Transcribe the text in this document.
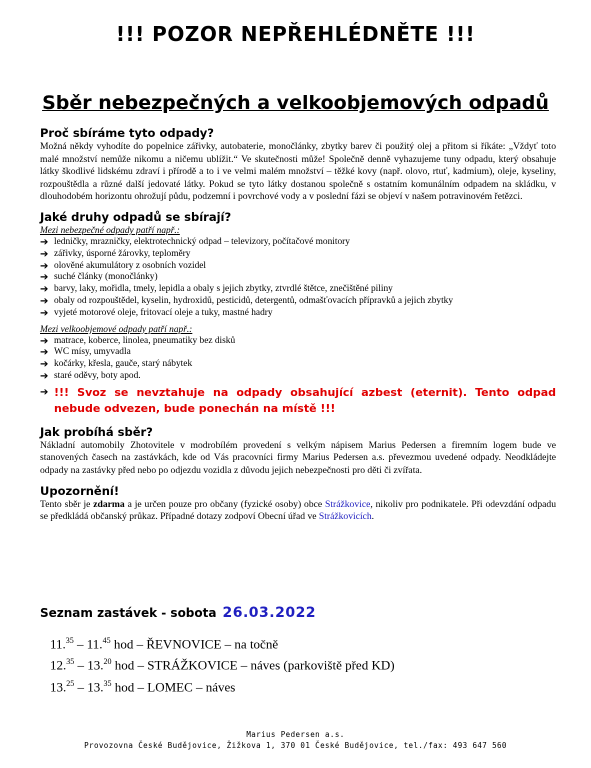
!!! POZOR NEPŘEHLÉDNĚTE !!!
Sběr nebezpečných a velkoobjemových odpadů
Proč sbíráme tyto odpady?

Možná někdy vyhodíte do popelnice zářivky, autobaterie, monočlánky, zbytky barev či použitý olej a přitom si říkáte: „Vždyť toto malé množství nemůže nikomu a ničemu ublížit.“ Ve skutečnosti může! Společně denně vyhazujeme tuny odpadu, který obsahuje látky škodlivé lidskému zdraví i přírodě a to i ve velmi malém množství – těžké kovy (např. olovo, rtuť, kadmium), oleje, kyseliny, rozpouštědla a různé další jedovaté látky. Pokud se tyto látky dostanou společně s ostatním komunálním odpadem na skládku, v dlouhodobém horizontu ohrožují půdu, podzemní i povrchové vody a v poslední fázi se objeví v našem potravinovém řetězci.

Jaké druhy odpadů se sbírají?
Mezi nebezpečné odpady patří např.:
➔ ledničky, mrazničky, elektrotechnický odpad – televizory, počítačové monitory
➔ zářivky, úsporné žárovky, teploměry
➔ olověné akumulátory z osobních vozidel
➔ suché články (monočlánky)
➔ barvy, laky, mořidla, tmely, lepidla a obaly s jejich zbytky, ztvrdlé štětce, znečištěné piliny
➔ obaly od rozpouštědel, kyselin, hydroxidů, pesticidů, detergentů, odmašťovacích přípravků a jejich zbytky
➔ vyjeté motorové oleje, fritovací oleje a tuky, mastné hadry
Mezi velkoobjemové odpady patří např.:
➔ matrace, koberce, linolea, pneumatiky bez disků
➔ WC mísy, umyvadla
➔ kočárky, křesla, gauče, starý nábytek
➔ staré oděvy, boty apod.
➔ !!! Svoz se nevztahuje na odpady obsahující azbest (eternit). Tento odpad nebude odvezen, bude ponechán na místě !!!
Jak probíhá sběr?

Nákladní automobily Zhotovitele v modrobílém provedení s velkým nápisem Marius Pedersen a firemním logem bude ve stanovených časech na zastávkách, kde od Vás pracovníci firmy Marius Pedersen a.s. převezmou uvedené odpady. Neodkládejte odpady na zastávky před nebo po odjezdu vozidla z důvodu jejich nebezpečnosti pro děti či zvířata.

Upozornění!

Tento sběr je zdarma a je určen pouze pro občany (fyzické osoby) obce Strážkovice, nikoliv pro podnikatele. Při odevzdání odpadu se předkládá občanský průkaz. Případné dotazy zodpoví Obecní úřad ve Strážkovicích.

Seznam zastávek - sobota 26.03.2022
11.35 – 11.45 hod – ŘEVNOVICE – na točně
12.35 – 13.20 hod – STRÁŽKOVICE – náves (parkoviště před KD)
13.25 – 13.35 hod – LOMEC – náves
Marius Pedersen a.s.
Provozovna České Budějovice, Žižkova 1, 370 01 České Budějovice, tel./fax: 493 647 560
